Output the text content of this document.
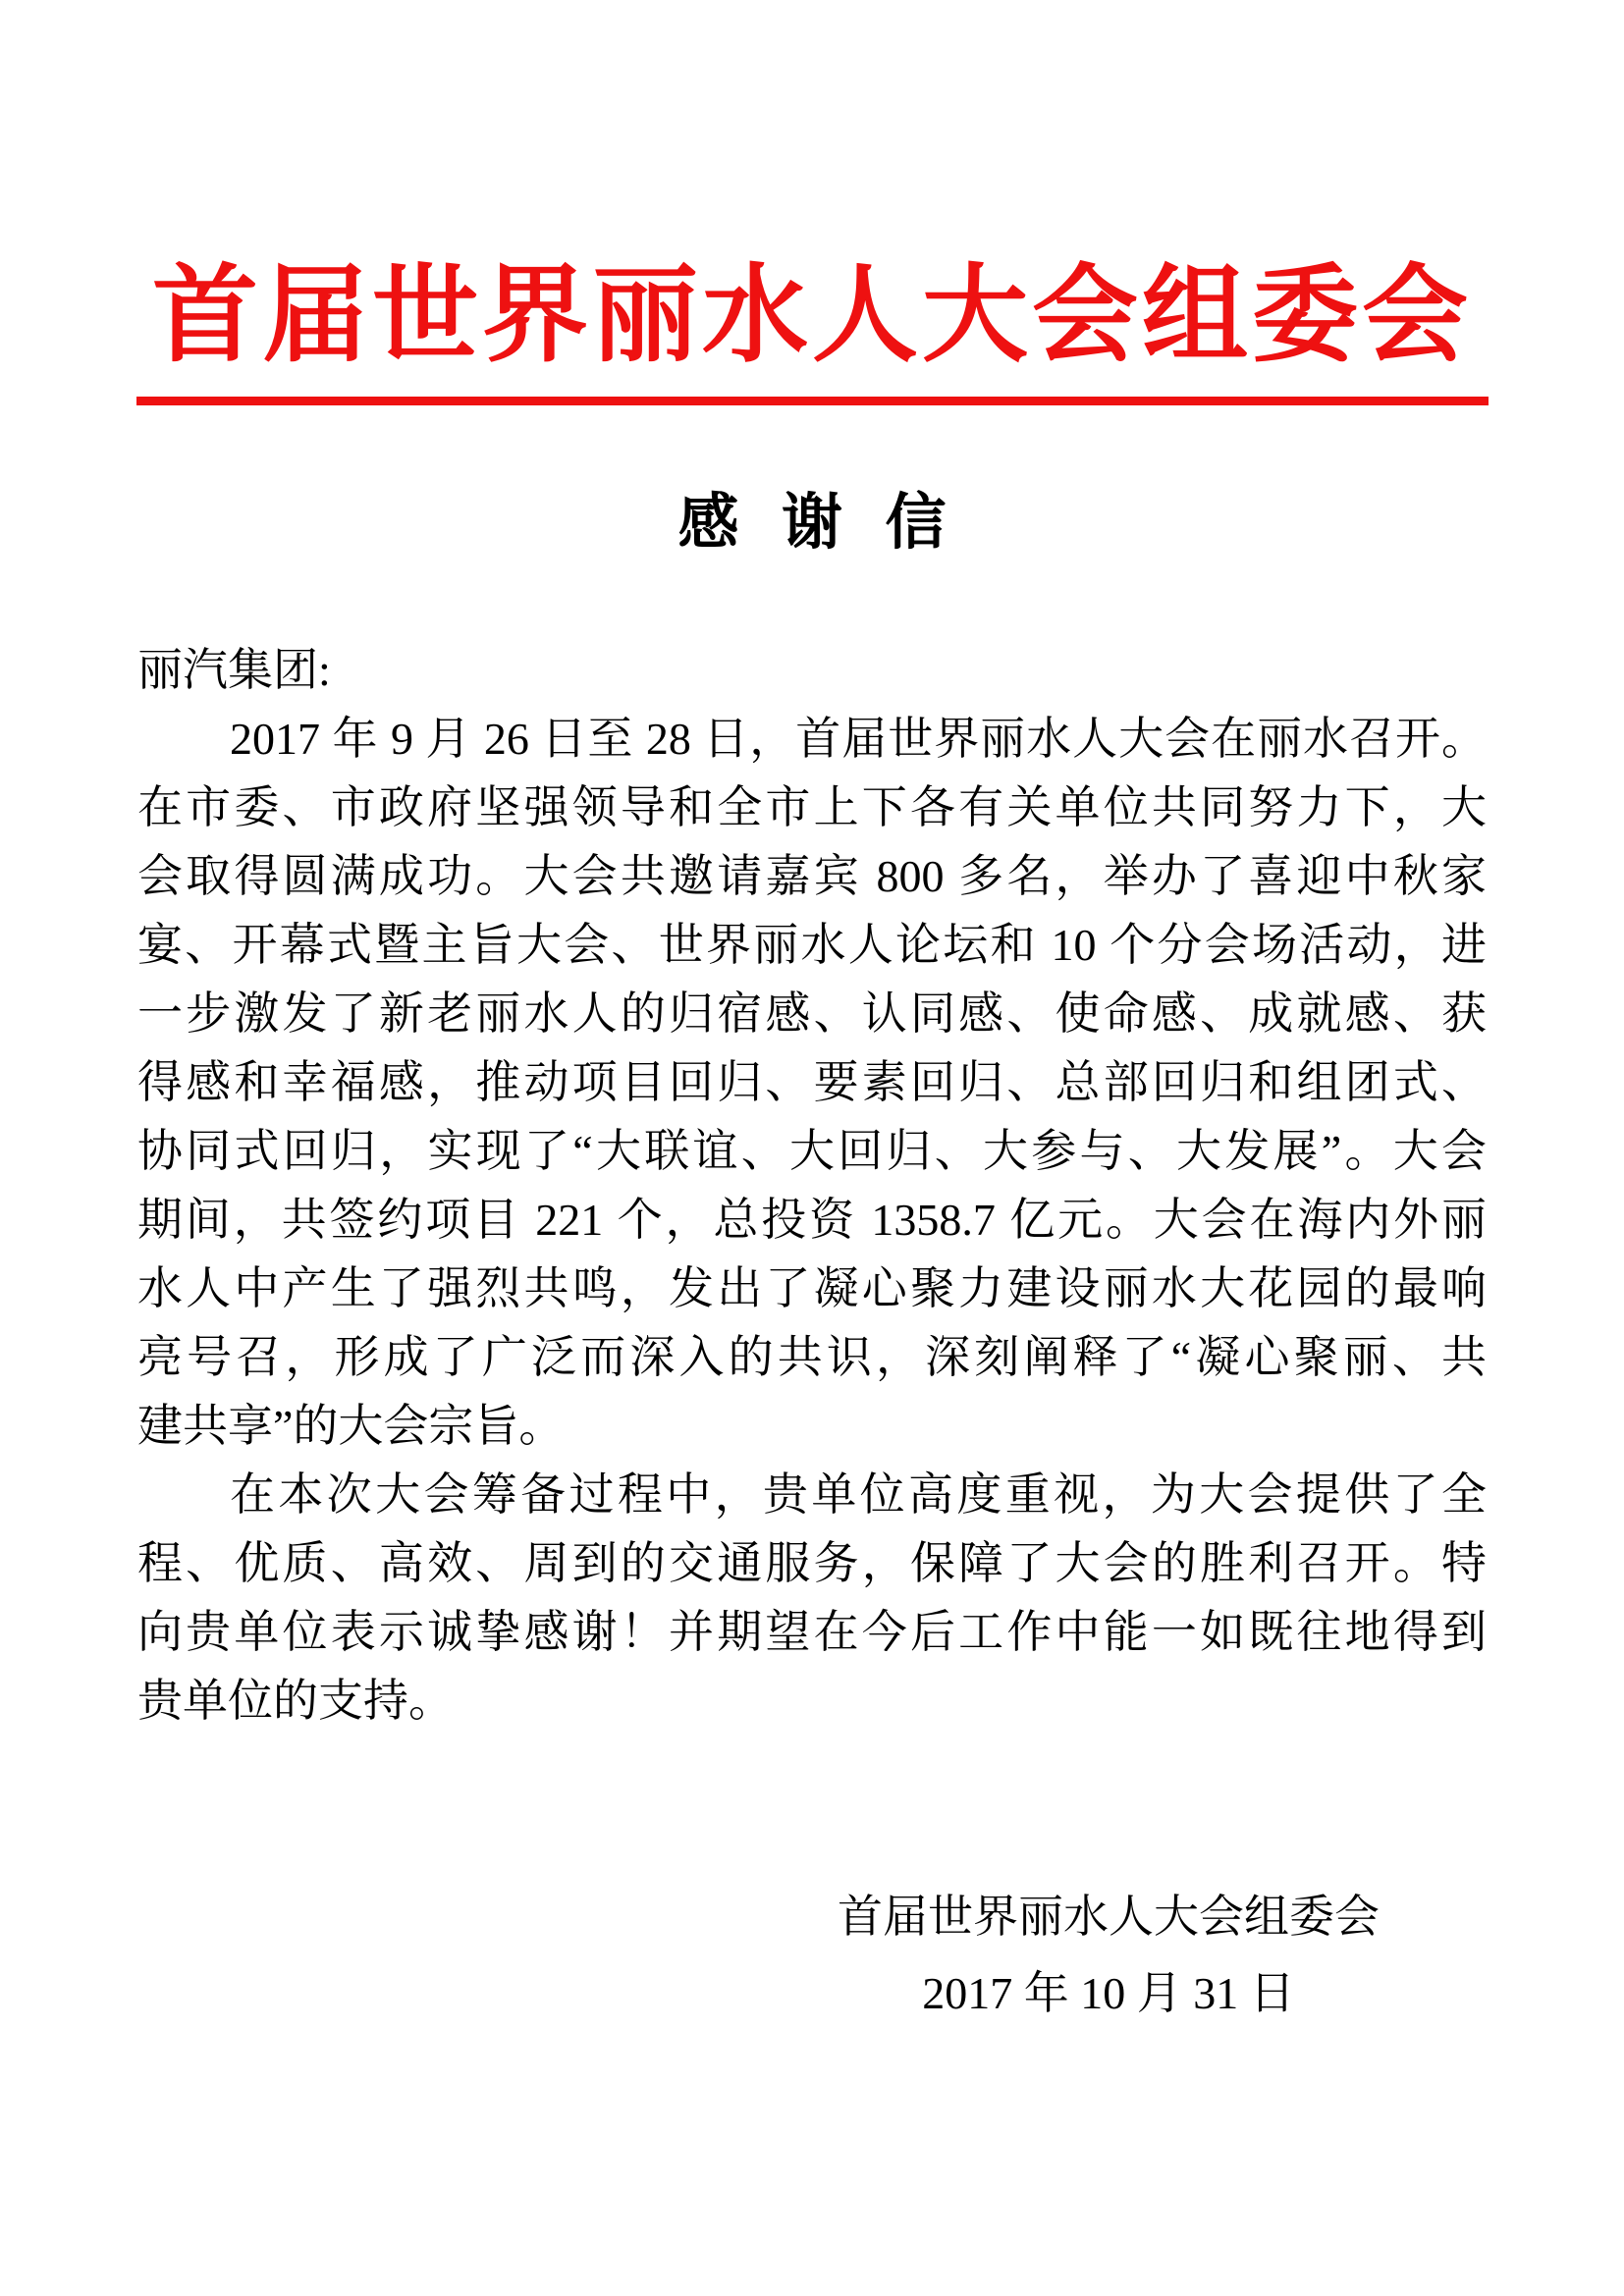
首届世界丽水人大会组委会
感 谢 信
丽汽集团:
2017 年 9 月 26 日至 28 日，首届世界丽水人大会在丽水召开。
在市委、市政府坚强领导和全市上下各有关单位共同努力下，大
会取得圆满成功。大会共邀请嘉宾 800 多名，举办了喜迎中秋家
宴、开幕式暨主旨大会、世界丽水人论坛和 10 个分会场活动，进
一步激发了新老丽水人的归宿感、认同感、使命感、成就感、获
得感和幸福感，推动项目回归、要素回归、总部回归和组团式、
协同式回归，实现了“大联谊、大回归、大参与、大发展”。大会
期间，共签约项目 221 个，总投资 1358.7 亿元。大会在海内外丽
水人中产生了强烈共鸣，发出了凝心聚力建设丽水大花园的最响
亮号召，形成了广泛而深入的共识，深刻阐释了“凝心聚丽、共
建共享”的大会宗旨。
在本次大会筹备过程中，贵单位高度重视，为大会提供了全
程、优质、高效、周到的交通服务，保障了大会的胜利召开。特
向贵单位表示诚挚感谢！并期望在今后工作中能一如既往地得到
贵单位的支持。
首届世界丽水人大会组委会
2017 年 10 月 31 日
